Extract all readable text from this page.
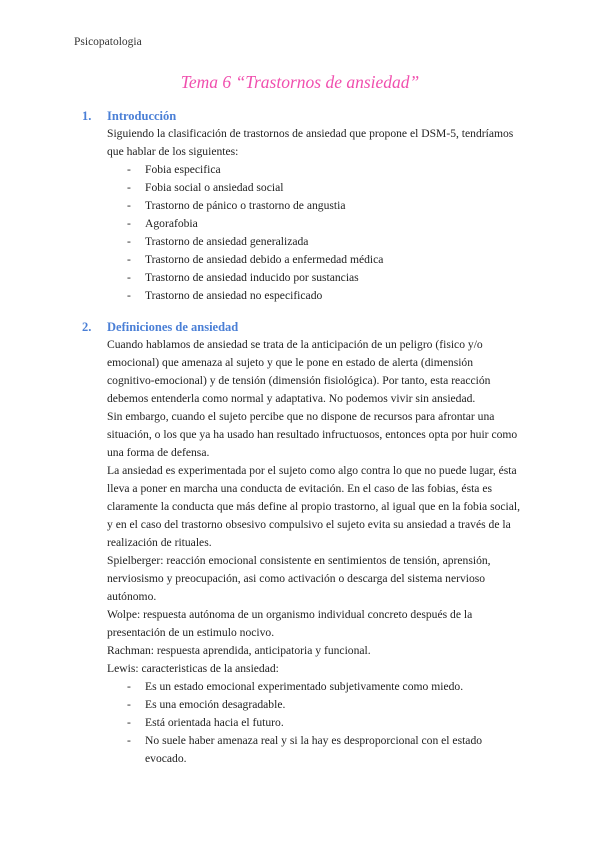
Psicopatologia
Tema 6 “Trastornos de ansiedad”
1. Introducción
Siguiendo la clasificación de trastornos de ansiedad que propone el DSM-5, tendríamos
que hablar de los siguientes:
- Fobia especifica
- Fobia social o ansiedad social
- Trastorno de pánico o trastorno de angustia
- Agorafobia
- Trastorno de ansiedad generalizada
- Trastorno de ansiedad debido a enfermedad médica
- Trastorno de ansiedad inducido por sustancias
- Trastorno de ansiedad no especificado
2. Definiciones de ansiedad
Cuando hablamos de ansiedad se trata de la anticipación de un peligro (fisico y/o
emocional) que amenaza al sujeto y que le pone en estado de alerta (dimensión
cognitivo-emocional) y de tensión (dimensión fisiológica). Por tanto, esta reacción
debemos entenderla como normal y adaptativa. No podemos vivir sin ansiedad.
Sin embargo, cuando el sujeto percibe que no dispone de recursos para afrontar una
situación, o los que ya ha usado han resultado infructuosos, entonces opta por huir como
una forma de defensa.
La ansiedad es experimentada por el sujeto como algo contra lo que no puede lugar, ésta
lleva a poner en marcha una conducta de evitación. En el caso de las fobias, ésta es
claramente la conducta que más define al propio trastorno, al igual que en la fobia social,
y en el caso del trastorno obsesivo compulsivo el sujeto evita su ansiedad a través de la
realización de rituales.
Spielberger: reacción emocional consistente en sentimientos de tensión, aprensión,
nerviosismo y preocupación, asi como activación o descarga del sistema nervioso
autónomo.
Wolpe: respuesta autónoma de un organismo individual concreto después de la
presentación de un estimulo nocivo.
Rachman: respuesta aprendida, anticipatoria y funcional.
Lewis: caracteristicas de la ansiedad:
- Es un estado emocional experimentado subjetivamente como miedo.
- Es una emoción desagradable.
- Está orientada hacia el futuro.
- No suele haber amenaza real y si la hay es desproporcional con el estado
evocado.
